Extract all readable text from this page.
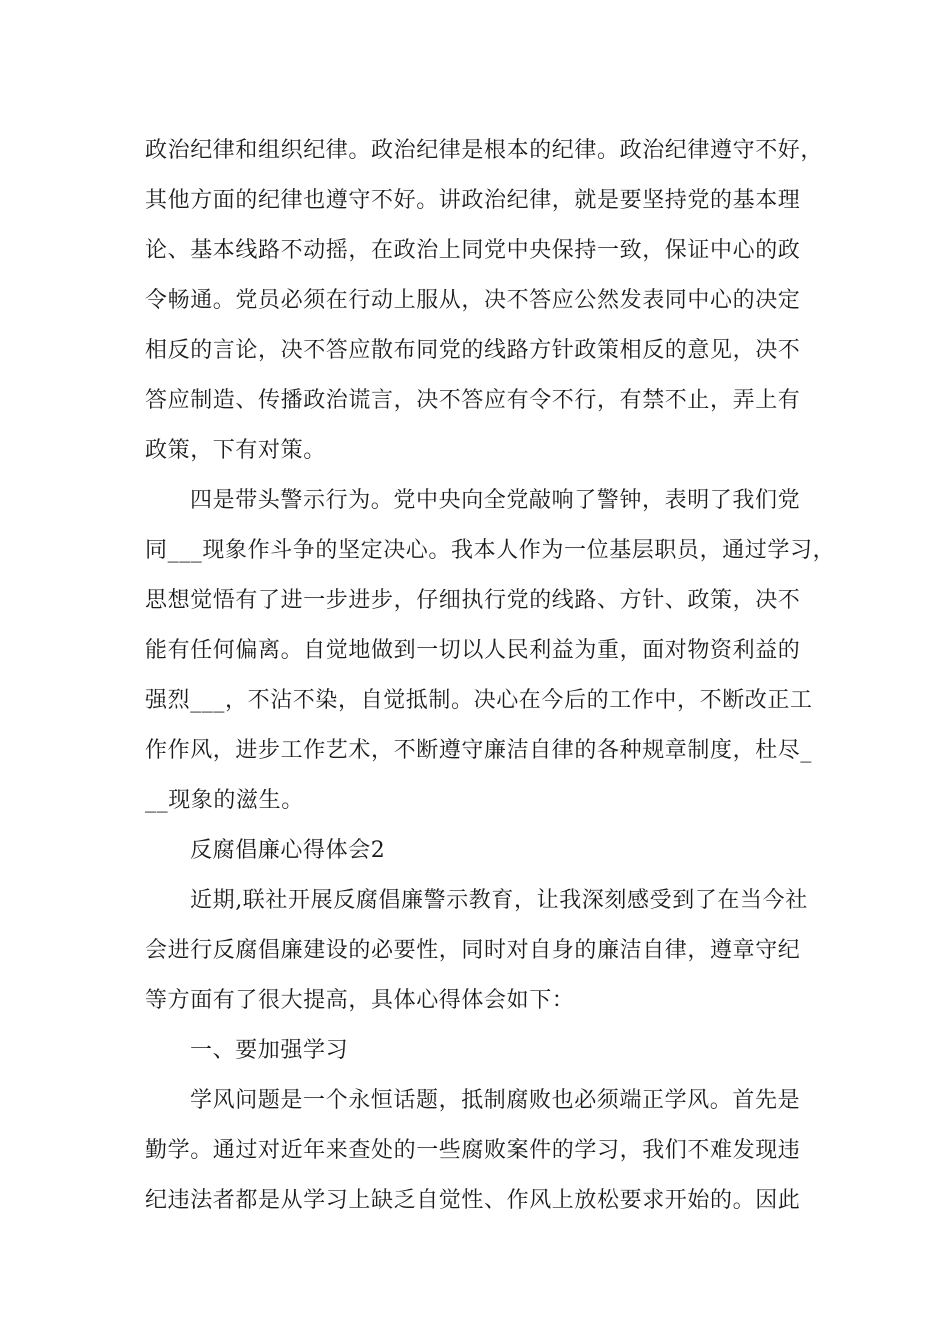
政治纪律和组织纪律。政治纪律是根本的纪律。政治纪律遵守不好，
其他方面的纪律也遵守不好。讲政治纪律，就是要坚持党的基本理
论、基本线路不动摇，在政治上同党中央保持一致，保证中心的政
令畅通。党员必须在行动上服从，决不答应公然发表同中心的决定
相反的言论，决不答应散布同党的线路方针政策相反的意见，决不
答应制造、传播政治谎言，决不答应有令不行，有禁不止，弄上有
政策，下有对策。
四是带头警示行为。党中央向全党敲响了警钟，表明了我们党
同___现象作斗争的坚定决心。我本人作为一位基层职员，通过学习，
思想觉悟有了进一步进步，仔细执行党的线路、方针、政策，决不
能有任何偏离。自觉地做到一切以人民利益为重，面对物资利益的
强烈___，不沾不染，自觉抵制。决心在今后的工作中，不断改正工
作作风，进步工作艺术，不断遵守廉洁自律的各种规章制度，杜尽_
__现象的滋生。
反腐倡廉心得体会2
近期,联社开展反腐倡廉警示教育，让我深刻感受到了在当今社
会进行反腐倡廉建设的必要性，同时对自身的廉洁自律，遵章守纪
等方面有了很大提高，具体心得体会如下：
一、要加强学习
学风问题是一个永恒话题，抵制腐败也必须端正学风。首先是
勤学。通过对近年来查处的一些腐败案件的学习，我们不难发现违
纪违法者都是从学习上缺乏自觉性、作风上放松要求开始的。因此
